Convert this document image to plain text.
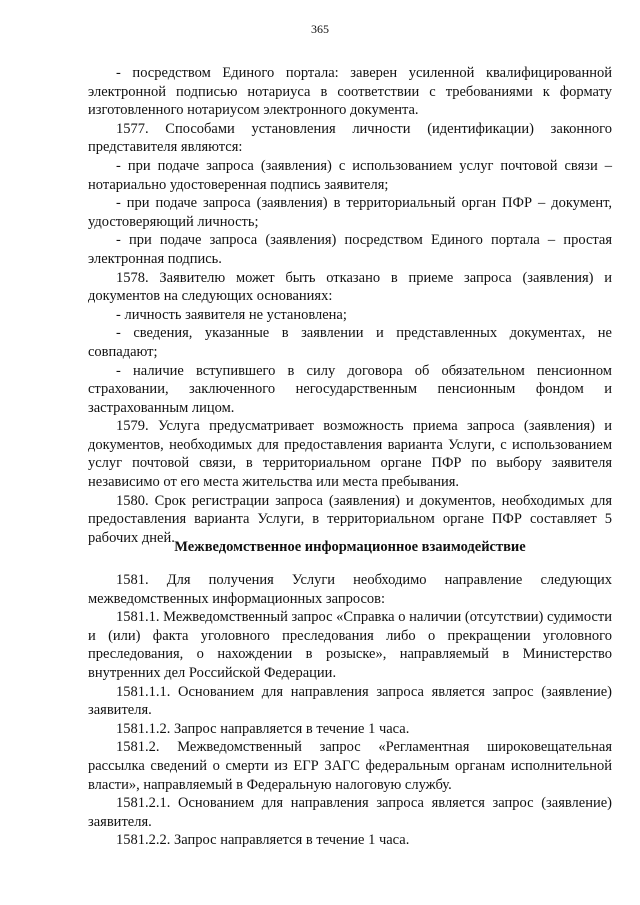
365

- посредством Единого портала: заверен усиленной квалифицированной электронной подписью нотариуса в соответствии с требованиями к формату изготовленного нотариусом электронного документа.

1577. Способами установления личности (идентификации) законного представителя являются:

- при подаче запроса (заявления) с использованием услуг почтовой связи – нотариально удостоверенная подпись заявителя;

- при подаче запроса (заявления) в территориальный орган ПФР – документ, удостоверяющий личность;

- при подаче запроса (заявления) посредством Единого портала – простая электронная подпись.

1578. Заявителю может быть отказано в приеме запроса (заявления) и документов на следующих основаниях:

- личность заявителя не установлена;

- сведения, указанные в заявлении и представленных документах, не совпадают;

- наличие вступившего в силу договора об обязательном пенсионном страховании, заключенного негосударственным пенсионным фондом и застрахованным лицом.

1579. Услуга предусматривает возможность приема запроса (заявления) и документов, необходимых для предоставления варианта Услуги, с использованием услуг почтовой связи, в территориальном органе ПФР по выбору заявителя независимо от его места жительства или места пребывания.

1580. Срок регистрации запроса (заявления) и документов, необходимых для предоставления варианта Услуги, в территориальном органе ПФР составляет 5 рабочих дней.

Межведомственное информационное взаимодействие

1581. Для получения Услуги необходимо направление следующих межведомственных информационных запросов:

1581.1. Межведомственный запрос «Справка о наличии (отсутствии) судимости и (или) факта уголовного преследования либо о прекращении уголовного преследования, о нахождении в розыске», направляемый в Министерство внутренних дел Российской Федерации.

1581.1.1. Основанием для направления запроса является запрос (заявление) заявителя.

1581.1.2. Запрос направляется в течение 1 часа.

1581.2. Межведомственный запрос «Регламентная широковещательная рассылка сведений о смерти из ЕГР ЗАГС федеральным органам исполнительной власти», направляемый в Федеральную налоговую службу.

1581.2.1. Основанием для направления запроса является запрос (заявление) заявителя.

1581.2.2. Запрос направляется в течение 1 часа.
